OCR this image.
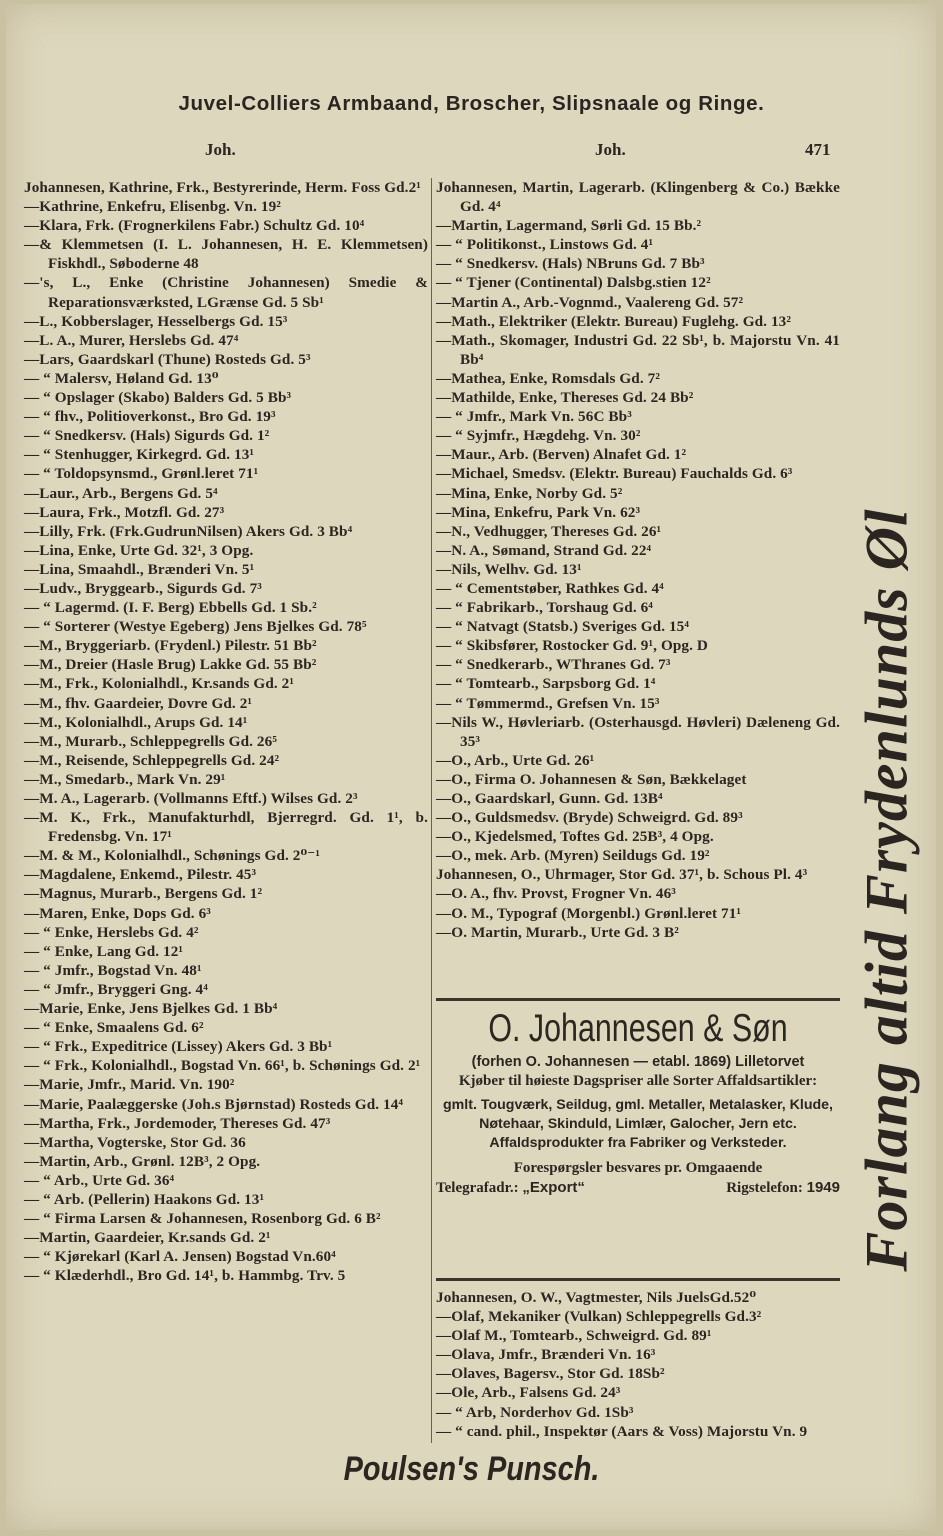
Juvel-Colliers Armbaand, Broscher, Slipsnaale og Ringe.
Joh.	Joh.	471
Johannesen, Kathrine, Frk., Bestyrerinde, Herm. Foss Gd.2¹
—Kathrine, Enkefru, Elisenbg. Vn. 19²
—Klara, Frk. (Frognerkilens Fabr.) Schultz Gd. 10⁴
—& Klemmetsen (I. L. Johannesen, H. E. Klemmetsen) Fiskhdl., Søboderne 48
—'s, L., Enke (Christine Johannesen) Smedie & Reparationsværksted, LGrænse Gd. 5 Sb¹
—L., Kobberslager, Hesselbergs Gd. 15³
—L. A., Murer, Herslebs Gd. 47⁴
—Lars, Gaardskarl (Thune) Rosteds Gd. 5³
— “ Malersv, Høland Gd. 13⁰
— “ Opslager (Skabo) Balders Gd. 5 Bb³
— “ fhv., Politioverkonst., Bro Gd. 19³
— “ Snedkersv. (Hals) Sigurds Gd. 1²
— “ Stenhugger, Kirkegrd. Gd. 13¹
— “ Toldopsynsmd., Grønl.leret 71¹
—Laur., Arb., Bergens Gd. 5⁴
—Laura, Frk., Motzfl. Gd. 27³
—Lilly, Frk. (Frk.GudrunNilsen) Akers Gd. 3 Bb⁴
—Lina, Enke, Urte Gd. 32¹, 3 Opg.
—Lina, Smaahdl., Brænderi Vn. 5¹
—Ludv., Bryggearb., Sigurds Gd. 7³
— “ Lagermd. (I. F. Berg) Ebbells Gd. 1 Sb.²
— “ Sorterer (Westye Egeberg) Jens Bjelkes Gd. 78⁵
—M., Bryggeriarb. (Frydenl.) Pilestr. 51 Bb²
—M., Dreier (Hasle Brug) Lakke Gd. 55 Bb²
—M., Frk., Kolonialhdl., Kr.sands Gd. 2¹
—M., fhv. Gaardeier, Dovre Gd. 2¹
—M., Kolonialhdl., Arups Gd. 14¹
—M., Murarb., Schleppegrells Gd. 26⁵
—M., Reisende, Schleppegrells Gd. 24²
—M., Smedarb., Mark Vn. 29¹
—M. A., Lagerarb. (Vollmanns Eftf.) Wilses Gd. 2³
—M. K., Frk., Manufakturhdl, Bjerregrd. Gd. 1¹, b. Fredensbg. Vn. 17¹
—M. & M., Kolonialhdl., Schønings Gd. 2⁰⁻¹
—Magdalene, Enkemd., Pilestr. 45³
—Magnus, Murarb., Bergens Gd. 1²
—Maren, Enke, Dops Gd. 6³
— “ Enke, Herslebs Gd. 4²
— “ Enke, Lang Gd. 12¹
— “ Jmfr., Bogstad Vn. 48¹
— “ Jmfr., Bryggeri Gng. 4⁴
—Marie, Enke, Jens Bjelkes Gd. 1 Bb⁴
— “ Enke, Smaalens Gd. 6²
— “ Frk., Expeditrice (Lissey) Akers Gd. 3 Bb¹
— “ Frk., Kolonialhdl., Bogstad Vn. 66¹, b. Schønings Gd. 2¹
—Marie, Jmfr., Marid. Vn. 190²
—Marie, Paalæggerske (Joh.s Bjørnstad) Rosteds Gd. 14⁴
—Martha, Frk., Jordemoder, Thereses Gd. 47³
—Martha, Vogterske, Stor Gd. 36
—Martin, Arb., Grønl. 12B³, 2 Opg.
— “ Arb., Urte Gd. 36⁴
— “ Arb. (Pellerin) Haakons Gd. 13¹
— “ Firma Larsen & Johannesen, Rosenborg Gd. 6 B²
—Martin, Gaardeier, Kr.sands Gd. 2¹
— “ Kjørekarl (Karl A. Jensen) Bogstad Vn.60⁴
— “ Klæderhdl., Bro Gd. 14¹, b. Hammbg. Trv. 5
Johannesen, Martin, Lagerarb. (Klingenberg & Co.) Bække Gd. 4⁴
—Martin, Lagermand, Sørli Gd. 15 Bb.²
— “ Politikonst., Linstows Gd. 4¹
— “ Snedkersv. (Hals) NBruns Gd. 7 Bb³
— “ Tjener (Continental) Dalsbg.stien 12²
—Martin A., Arb.-Vognmd., Vaalereng Gd. 57²
—Math., Elektriker (Elektr. Bureau) Fuglehg. Gd. 13²
—Math., Skomager, Industri Gd. 22 Sb¹, b. Majorstu Vn. 41 Bb⁴
—Mathea, Enke, Romsdals Gd. 7²
—Mathilde, Enke, Thereses Gd. 24 Bb²
— “ Jmfr., Mark Vn. 56C Bb³
— “ Syjmfr., Hægdehg. Vn. 30²
—Maur., Arb. (Berven) Alnafet Gd. 1²
—Michael, Smedsv. (Elektr. Bureau) Fauchalds Gd. 6³
—Mina, Enke, Norby Gd. 5²
—Mina, Enkefru, Park Vn. 62³
—N., Vedhugger, Thereses Gd. 26¹
—N. A., Sømand, Strand Gd. 22⁴
—Nils, Welhv. Gd. 13¹
— “ Cementstøber, Rathkes Gd. 4⁴
— “ Fabrikarb., Torshaug Gd. 6⁴
— “ Natvagt (Statsb.) Sveriges Gd. 15⁴
— “ Skibsfører, Rostocker Gd. 9¹, Opg. D
— “ Snedkerarb., WThranes Gd. 7³
— “ Tomtearb., Sarpsborg Gd. 1⁴
— “ Tømmermd., Grefsen Vn. 15³
—Nils W., Høvleriarb. (Osterhausgd. Høvleri) Dæleneng Gd. 35³
—O., Arb., Urte Gd. 26¹
—O., Firma O. Johannesen & Søn, Bækkelaget
—O., Gaardskarl, Gunn. Gd. 13B⁴
—O., Guldsmedsv. (Bryde) Schweigrd. Gd. 89³
—O., Kjedelsmed, Toftes Gd. 25B³, 4 Opg.
—O., mek. Arb. (Myren) Seildugs Gd. 19²
Johannesen, O., Uhrmager, Stor Gd. 37¹, b. Schous Pl. 4³
—O. A., fhv. Provst, Frogner Vn. 46³
—O. M., Typograf (Morgenbl.) Grønl.leret 71¹
—O. Martin, Murarb., Urte Gd. 3 B²
O. Johannesen & Søn
(forhen O. Johannesen — etabl. 1869) Lilletorvet
Kjøber til høieste Dagspriser alle Sorter Affaldsartikler:
gmlt. Tougværk, Seildug, gml. Metaller, Metalasker, Klude, Nøtehaar, Skinduld, Limlær, Galocher, Jern etc. Affaldsprodukter fra Fabriker og Verksteder.
Forespørgsler besvares pr. Omgaaende
Telegrafadr.: „Export“	Rigstelefon: 1949
Johannesen, O. W., Vagtmester, Nils JuelsGd.52⁰
—Olaf, Mekaniker (Vulkan) Schleppegrells Gd.3²
—Olaf M., Tomtearb., Schweigrd. Gd. 89¹
—Olava, Jmfr., Brænderi Vn. 16³
—Olaves, Bagersv., Stor Gd. 18Sb²
—Ole, Arb., Falsens Gd. 24³
— “ Arb, Norderhov Gd. 1Sb³
— “ cand. phil., Inspektør (Aars & Voss) Majorstu Vn. 9
Forlang altid Frydenlunds Øl
Poulsen's Punsch.
